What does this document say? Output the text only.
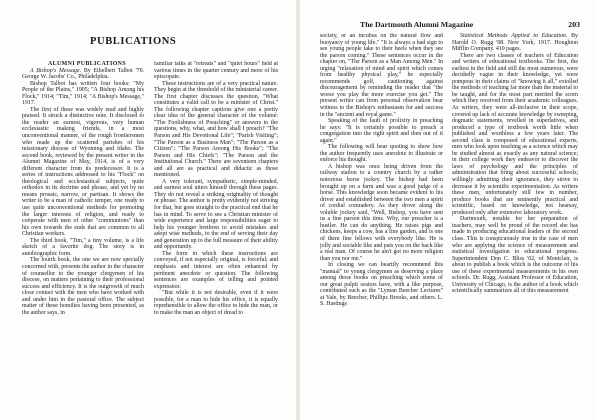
PUBLICATIONS

ALUMNI PUBLICATIONS

A Bishop's Message. By Ethelbert Talbot '70. George W. Jacobs' Co., Philadelphia.

Bishop Talbot has written four books: "My People of the Plains," 1905; "A Bishop Among his Flock," 1914; "Tim," 1914; "A Bishop's Message," 1917.

The first of these was widely read and highly praised. It struck a distinctive note. It disclosed to the reader an earnest, vigorous, very human ecclesiastic making friends, in a most unconventional manner, of the rough frontiersmen who made up the scattered parishes of his missionary diocese of Wyoming and Idaho. The second book, reviewed by the present writer in the Alumni Magazine of May, 1914, is of a very different character from its predecessor. It is a series of instructions addressed to his "Flock" on theological and ecclesiastical subjects, quite orthodox in its doctrine and phrase, and yet by no means prosaic, narrow, or partisan. It shows the writer to be a man of catholic temper, one ready to use quite unconventional methods for promoting the larger interests of religion, and ready to coöperate with men of other "communions" than his own towards the ends that are common to all Christian workers.

The third book, "Tim," a tiny volume, is a life sketch of a favorite dog. The story is in autobiographic form.

The fourth book, the one we are now specially concerned with, presents the author in the character of counsellor to the younger clergymen of his diocese, on matters pertaining to their professional success and efficiency. It is the outgrowth of much close contact with the men who have worked with and under him in the pastoral office. The subject matter of these homilies having been presented, as the author says, in

familiar talks at "retreats" and "quiet hours" held at various times in the quarter century and more of his episcopate.

These instructions are of a very practical nature. They begin at the threshold of the ministerial career. The first chapter discusses the question, "What constitutes a valid call to be a minister of Christ." The following chapter captions give one a pretty clear idea of the general character of the volume: "The Foolishness of Preaching" or answers to the questions, why, what, and how shall I preach? "The Parson and His Devotional Life"; "Parish Visiting"; "The Parson as a Business Man"; "The Parson as a Citizen"; "The Parson Among His Books"; "The Parson and His Chiefs"; "The Parson and the Institutional Church." There are seventeen chapters and all are as practical and didactic as those mentioned.

A very tolerant, sympathetic, simple-minded, and earnest soul utters himself through these pages. They do not reveal a striking originality of thought or phrase. The author is pretty evidently not striving for that, but goes straight to the practical end that he has in mind. To serve to see a Christian minister of wide experience and large responsibilities eager to help his younger brethren to avoid mistakes and adopt wise methods, to the end of serving their day and generation up to the full measure of their ability and opportunity.

The form in which these instructions are conveyed, if not especially original, is forceful; and emphasis and interest are often enhanced by pertinent anecdote or question. The following sentences are examples of telling and pointed expression:

"But while it is not desirable, even if it were possible, for a man to hide his office, it is equally reprehensible to allow the office to hide the man, or to make the man an object of dread to

society, or an incubus on the natural flow and buoyancy of young life." "It is always a bad sign to see young people take to their heels when they see the parson coming." These sentences occur in the chapter on, "The Parson as a Man Among Men." In urging "relaxation of mind and spirit which comes from healthy physical play," he especially recommends golf, cautioning against discouragement by reminding the reader that "the worse you play the more exercise you get." The present writer can from personal observation bear witness to the Bishop's enthusiasm for and success in the "ancient and royal game."

Speaking of the fault of prolixity in preaching he says: "It is certainly possible to preach a congregation into the right spirit and then out of it again."

The following will bear quoting to show how the author frequently uses anecdote to illustrate or enforce his thought.

A bishop was once being driven from the railway station to a country church by a rather notorious horse jockey. The bishop had been brought up on a farm and was a good judge of a horse. This knowledge soon became evident to his driver and established between the two men a spirit of cordial comradery. As they drove along the voluble jockey said, "Well, Bishop, you have sent us a fine parson this time. Why, our preacher is a hustler. He can do anything. He raises pigs and chickens, keeps a cow, has a fine garden, and is one of them fine fellows with everybody like. He is jolly and sociable like and pats you on the back like a real man. Of course he ain't got no more religion than you nor me."

In closing we can heartily recommend this "manual" to young clergymen as deserving a place among those books on preaching which some of our great pulpit orators have, with a like purpose, contributed such as the "Lyman Beecher Lectures" at Yale, by Beecher, Phillips Brooks, and others. L. S. Hastings

Statistical Methods Applied to Education. By Harold O. Rugg '08. New York, 1917. Houghton Mifflin Company. 410 pages.

There are two classes of teachers of Education and writers of educational textbooks. The first, the earliest in the field and still the most numerous, were decidedly vague in their knowledge, yet were pompous in their claims of "knowing it all," extolled the methods of teaching far more than the material to be taught, and for the most part merited the scorn which they received from their academic colleagues. As writers, they were all-inclusive in their scope, covered up lack of accurate knowledge by sweeping, dogmatic statements, revelled in superlatives, and produced a type of textbook worth little when published and worthless a few years later. The second class is composed of educational experts, men who look upon teaching as a science which may be studied almost as exactly as any natural science; in their college work they endeavor to discover the laws of psychology and the principles of administration that bring about successful schools; willingly admitting their ignorance, they strive to decrease it by scientific experimentation. As writers these men, unfortunately still few in number, produce books that are eminently practical and scientific, based on knowledge, not hearsay, produced only after extensive laboratory work.

Dartmouth, notable for her preparation of teachers, may well be proud of the record she has made in producing educational leaders of the second class. This is conspicuously true in the case of men who are applying the science of measurement and statistical investigation to educational progress. Superintendent Don C. Bliss '02, of Montclair, is about to publish a book which is the outcome of his use of these experimental measurements in his own schools. Dr. Rugg, Assistant Professor of Education, University of Chicago, is the author of a book which scientifically summarizes all of this measurement

The Dartmouth Alumni Magazine	203
